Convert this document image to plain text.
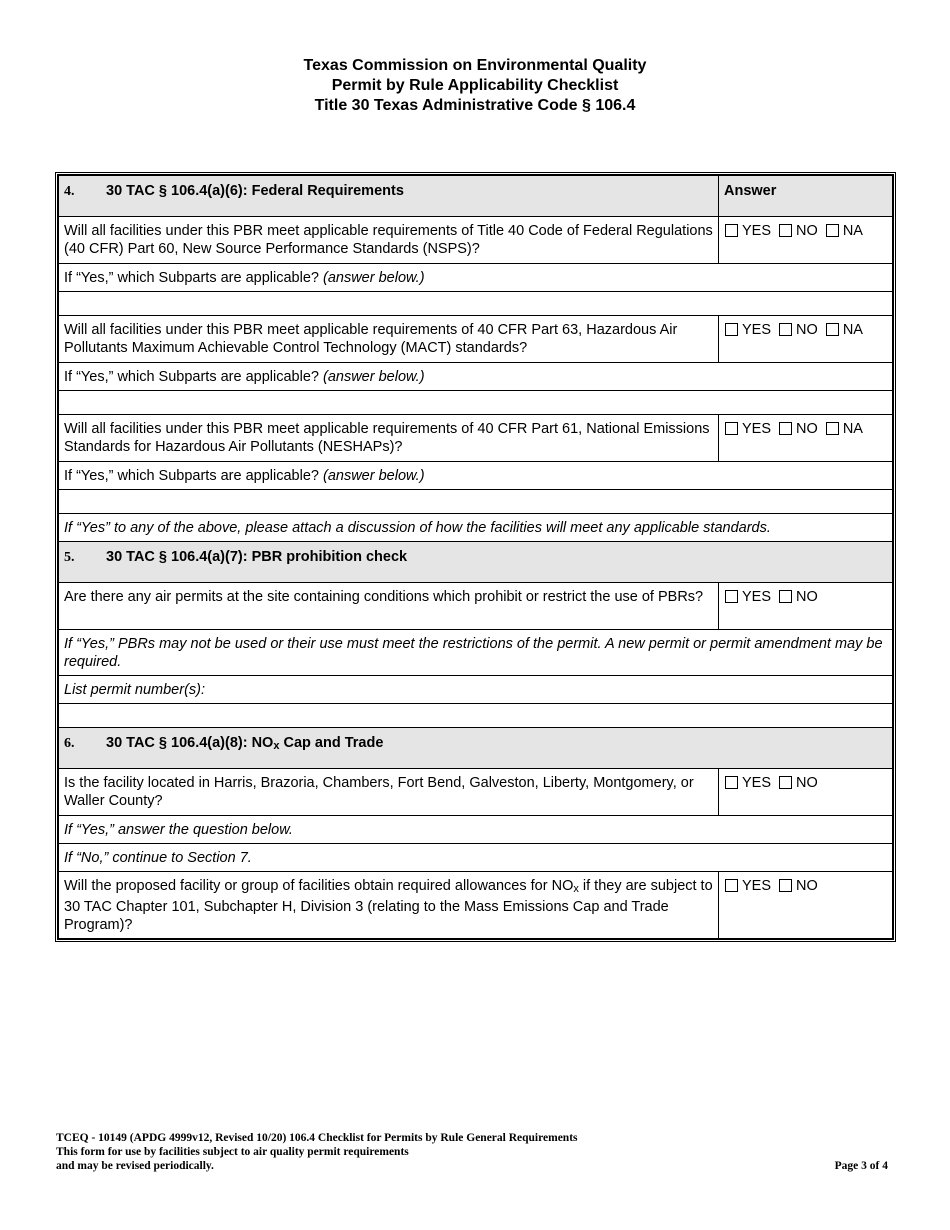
Texas Commission on Environmental Quality
Permit by Rule Applicability Checklist
Title 30 Texas Administrative Code § 106.4
4. 30 TAC § 106.4(a)(6): Federal Requirements	Answer
Will all facilities under this PBR meet applicable requirements of Title 40 Code of Federal Regulations (40 CFR) Part 60, New Source Performance Standards (NSPS)?	YES NO NA
If “Yes,” which Subparts are applicable? (answer below.)	

Will all facilities under this PBR meet applicable requirements of 40 CFR Part 63, Hazardous Air Pollutants Maximum Achievable Control Technology (MACT) standards?	YES NO NA
If “Yes,” which Subparts are applicable? (answer below.)	

Will all facilities under this PBR meet applicable requirements of 40 CFR Part 61, National Emissions Standards for Hazardous Air Pollutants (NESHAPs)?	YES NO NA
If “Yes,” which Subparts are applicable? (answer below.)	

If “Yes” to any of the above, please attach a discussion of how the facilities will meet any applicable standards.	
5. 30 TAC § 106.4(a)(7): PBR prohibition check	
Are there any air permits at the site containing conditions which prohibit or restrict the use of PBRs?	YES NO
If “Yes,” PBRs may not be used or their use must meet the restrictions of the permit. A new permit or permit amendment may be required.	
List permit number(s):	

6. 30 TAC § 106.4(a)(8): $NO_x$ Cap and Trade	
Is the facility located in Harris, Brazoria, Chambers, Fort Bend, Galveston, Liberty, Montgomery, or Waller County?	YES NO
If “Yes,” answer the question below.	
If “No,” continue to Section 7.	
Will the proposed facility or group of facilities obtain required allowances for $NO_x$ if they are subject to 30 TAC Chapter 101, Subchapter H, Division 3 (relating to the Mass Emissions Cap and Trade Program)?	YES NO
TCEQ - 10149 (APDG 4999v12, Revised 10/20) 106.4 Checklist for Permits by Rule General Requirements
This form for use by facilities subject to air quality permit requirements
and may be revised periodically.	Page 3 of 4
